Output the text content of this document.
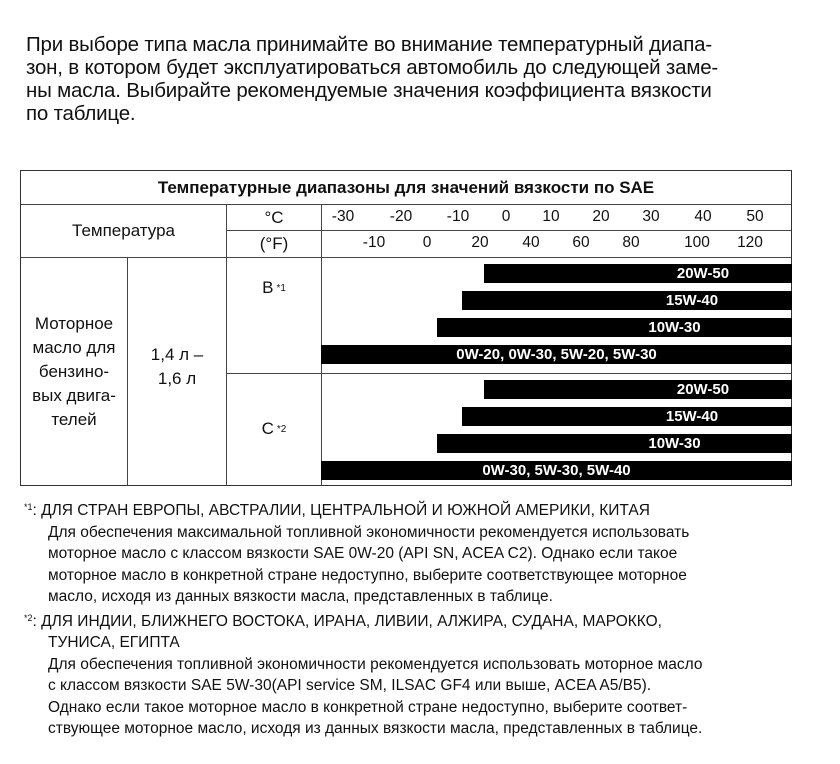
При выборе типа масла принимайте во внимание температурный диапа-
зон, в котором будет эксплуатироваться автомобиль до следующей заме-
ны масла. Выбирайте рекомендуемые значения коэффициента вязкости
по таблице.
Температурные диапазоны для значений вязкости по SAE
Температура
°C
(°F)
-30 -20 -10 0 10 20 30 40 50
-10 0	20 40 60 80	100 120
Моторное
масло для
бензино-
вых двига-
телей
1,4 л –
1,6 л
B *1
C *2
20W-50
15W-40
10W-30
0W-20, 0W-30, 5W-20, 5W-30
20W-50
15W-40
10W-30
0W-30, 5W-30, 5W-40
$^{*1}$: ДЛЯ СТРАН ЕВРОПЫ, АВСТРАЛИИ, ЦЕНТРАЛЬНОЙ И ЮЖНОЙ АМЕРИКИ, КИТАЯ
Для обеспечения максимальной топливной экономичности рекомендуется использовать
моторное масло с классом вязкости SAE 0W-20 (API SN, ACEA C2). Однако если такое
моторное масло в конкретной стране недоступно, выберите соответствующее моторное
масло, исходя из данных вязкости масла, представленных в таблице.
$^{*2}$: ДЛЯ ИНДИИ, БЛИЖНЕГО ВОСТОКА, ИРАНА, ЛИВИИ, АЛЖИРА, СУДАНА, МАРОККО,
ТУНИСА, ЕГИПТА
Для обеспечения топливной экономичности рекомендуется использовать моторное масло
с классом вязкости SAE 5W-30(API service SM, ILSAC GF4 или выше, ACEA A5/B5).
Однако если такое моторное масло в конкретной стране недоступно, выберите соответ-
ствующее моторное масло, исходя из данных вязкости масла, представленных в таблице.
